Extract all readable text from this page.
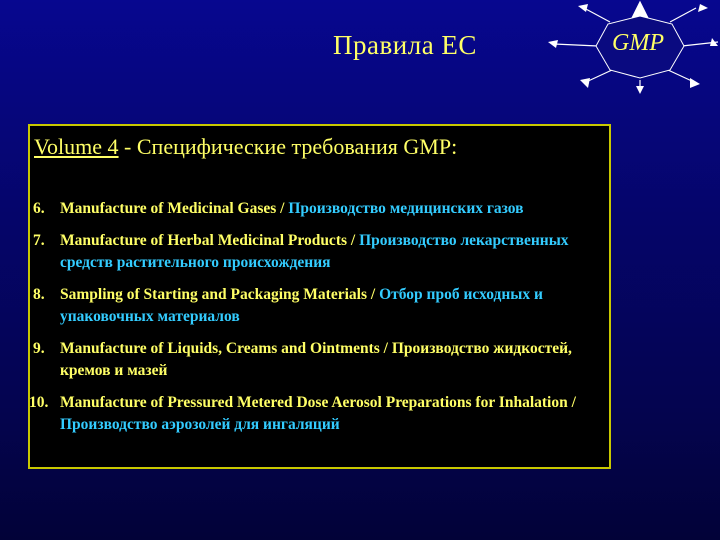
Правила ЕС	GMP
Volume 4 - Специфические требования GMP:
6. Manufacture of Medicinal Gases / Производство медицинских газов
7. Manufacture of Herbal Medicinal Products / Производство лекарственных средств растительного происхождения
8. Sampling of Starting and Packaging Materials / Отбор проб исходных и упаковочных материалов
9. Manufacture of Liquids, Creams and Ointments / Производство жидкостей, кремов и мазей
10. Manufacture of Pressured Metered Dose Aerosol Preparations for Inhalation / Производство аэрозолей для ингаляций
